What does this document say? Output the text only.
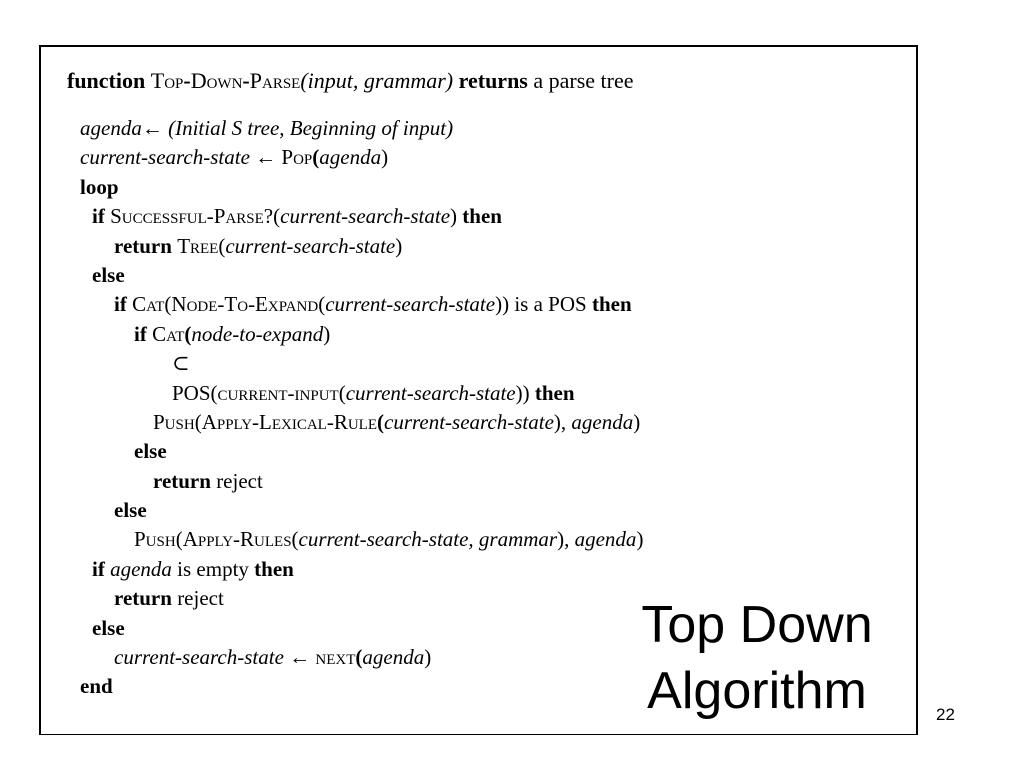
function Top-Down-Parse(input, grammar) returns a parse tree
agenda← (Initial S tree, Beginning of input)
current-search-state ← Pop(agenda)
loop
if Successful-Parse?(current-search-state) then
return Tree(current-search-state)
else
if Cat(Node-To-Expand(current-search-state)) is a POS then
if Cat(node-to-expand)
⊂
POS(current-input(current-search-state)) then
Push(Apply-Lexical-Rule(current-search-state), agenda)
else
return reject
else
Push(Apply-Rules(current-search-state, grammar), agenda)
if agenda is empty then
return reject
else
current-search-state ← next(agenda)
end
Top Down
Algorithm	22
